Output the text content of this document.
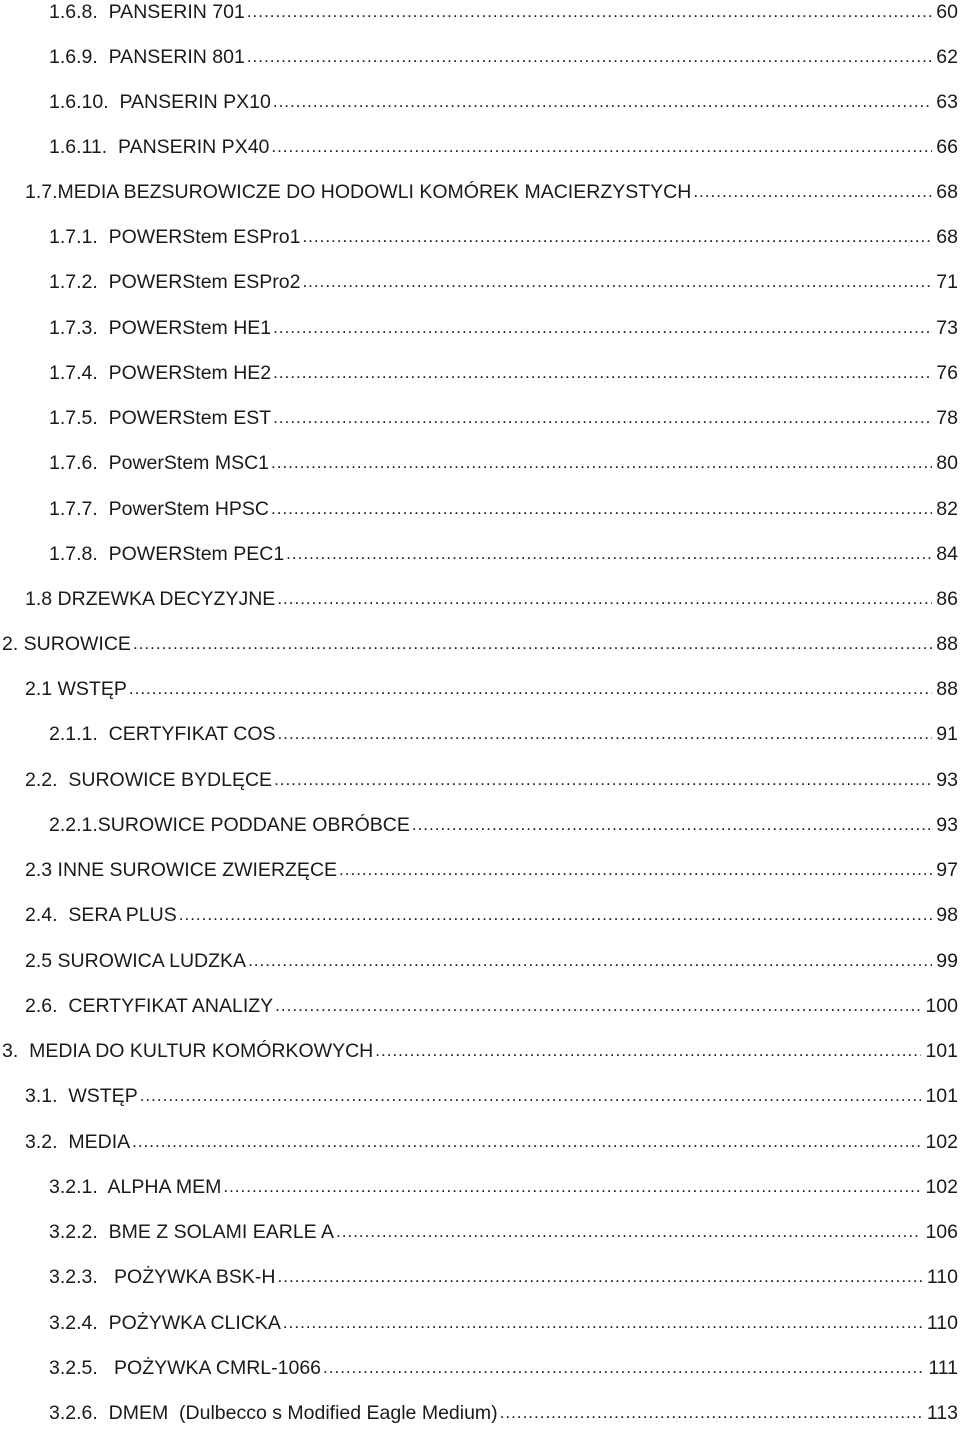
1.6.8.  PANSERIN 701 .....	60
1.6.9.  PANSERIN 801 .....	62
1.6.10.  PANSERIN PX10 .....	63
1.6.11.  PANSERIN PX40 .....	66
1.7.MEDIA BEZSUROWICZE DO HODOWLI KOMÓREK MACIERZYSTYCH .....	68
1.7.1.  POWERStem ESPro1 .....	68
1.7.2.  POWERStem ESPro2 .....	71
1.7.3.  POWERStem HE1 .....	73
1.7.4.  POWERStem HE2 .....	76
1.7.5.  POWERStem EST .....	78
1.7.6.  PowerStem MSC1 .....	80
1.7.7.  PowerStem HPSC .....	82
1.7.8.  POWERStem PEC1 .....	84
1.8 DRZEWKA DECYZYJNE .....	86
2. SUROWICE .....	88
2.1 WSTĘP .....	88
2.1.1.  CERTYFIKAT COS .....	91
2.2.  SUROWICE BYDLĘCE .....	93
2.2.1.SUROWICE PODDANE OBRÓBCE .....	93
2.3 INNE SUROWICE ZWIERZĘCE .....	97
2.4.  SERA PLUS .....	98
2.5 SUROWICA LUDZKA .....	99
2.6.  CERTYFIKAT ANALIZY .....	100
3.  MEDIA DO KULTUR KOMÓRKOWYCH .....	101
3.1.  WSTĘP .....	101
3.2.  MEDIA .....	102
3.2.1.  ALPHA MEM .....	102
3.2.2.  BME Z SOLAMI EARLE A .....	106
3.2.3.   POŻYWKA BSK-H .....	110
3.2.4.  POŻYWKA CLICKA .....	110
3.2.5.   POŻYWKA CMRL-1066 .....	111
3.2.6.  DMEM  (Dulbecco s Modified Eagle Medium) .....	113
